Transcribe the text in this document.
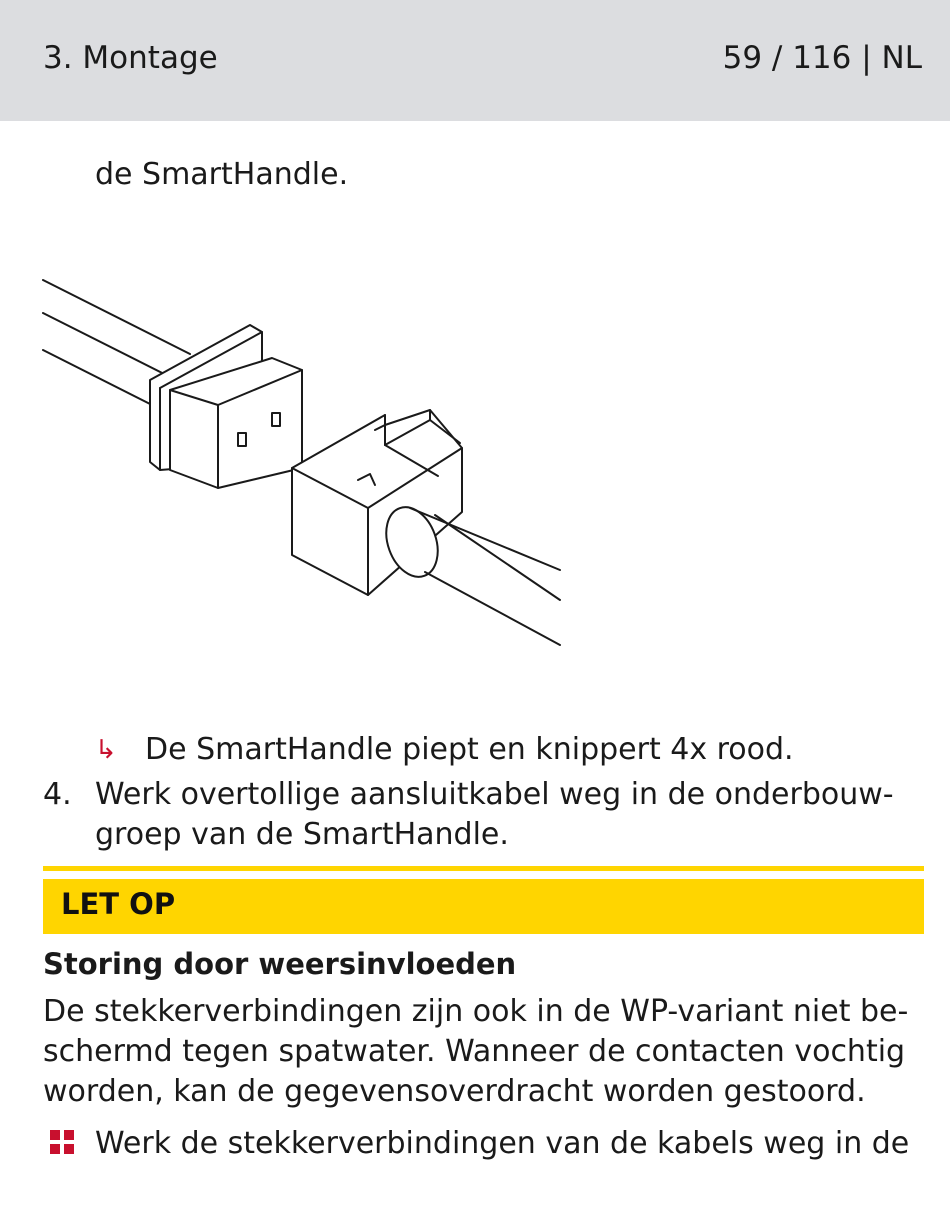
3. Montage	59 / 116 | NL
de SmartHandle.
↳ De SmartHandle piept en knippert 4x rood.
4. Werk overtollige aansluitkabel weg in de onderbouw-
groep van de SmartHandle.
LET OP
Storing door weersinvloeden
De stekkerverbindingen zijn ook in de WP-variant niet be-
schermd tegen spatwater. Wanneer de contacten vochtig
worden, kan de gegevensoverdracht worden gestoord.
Werk de stekkerverbindingen van de kabels weg in de
